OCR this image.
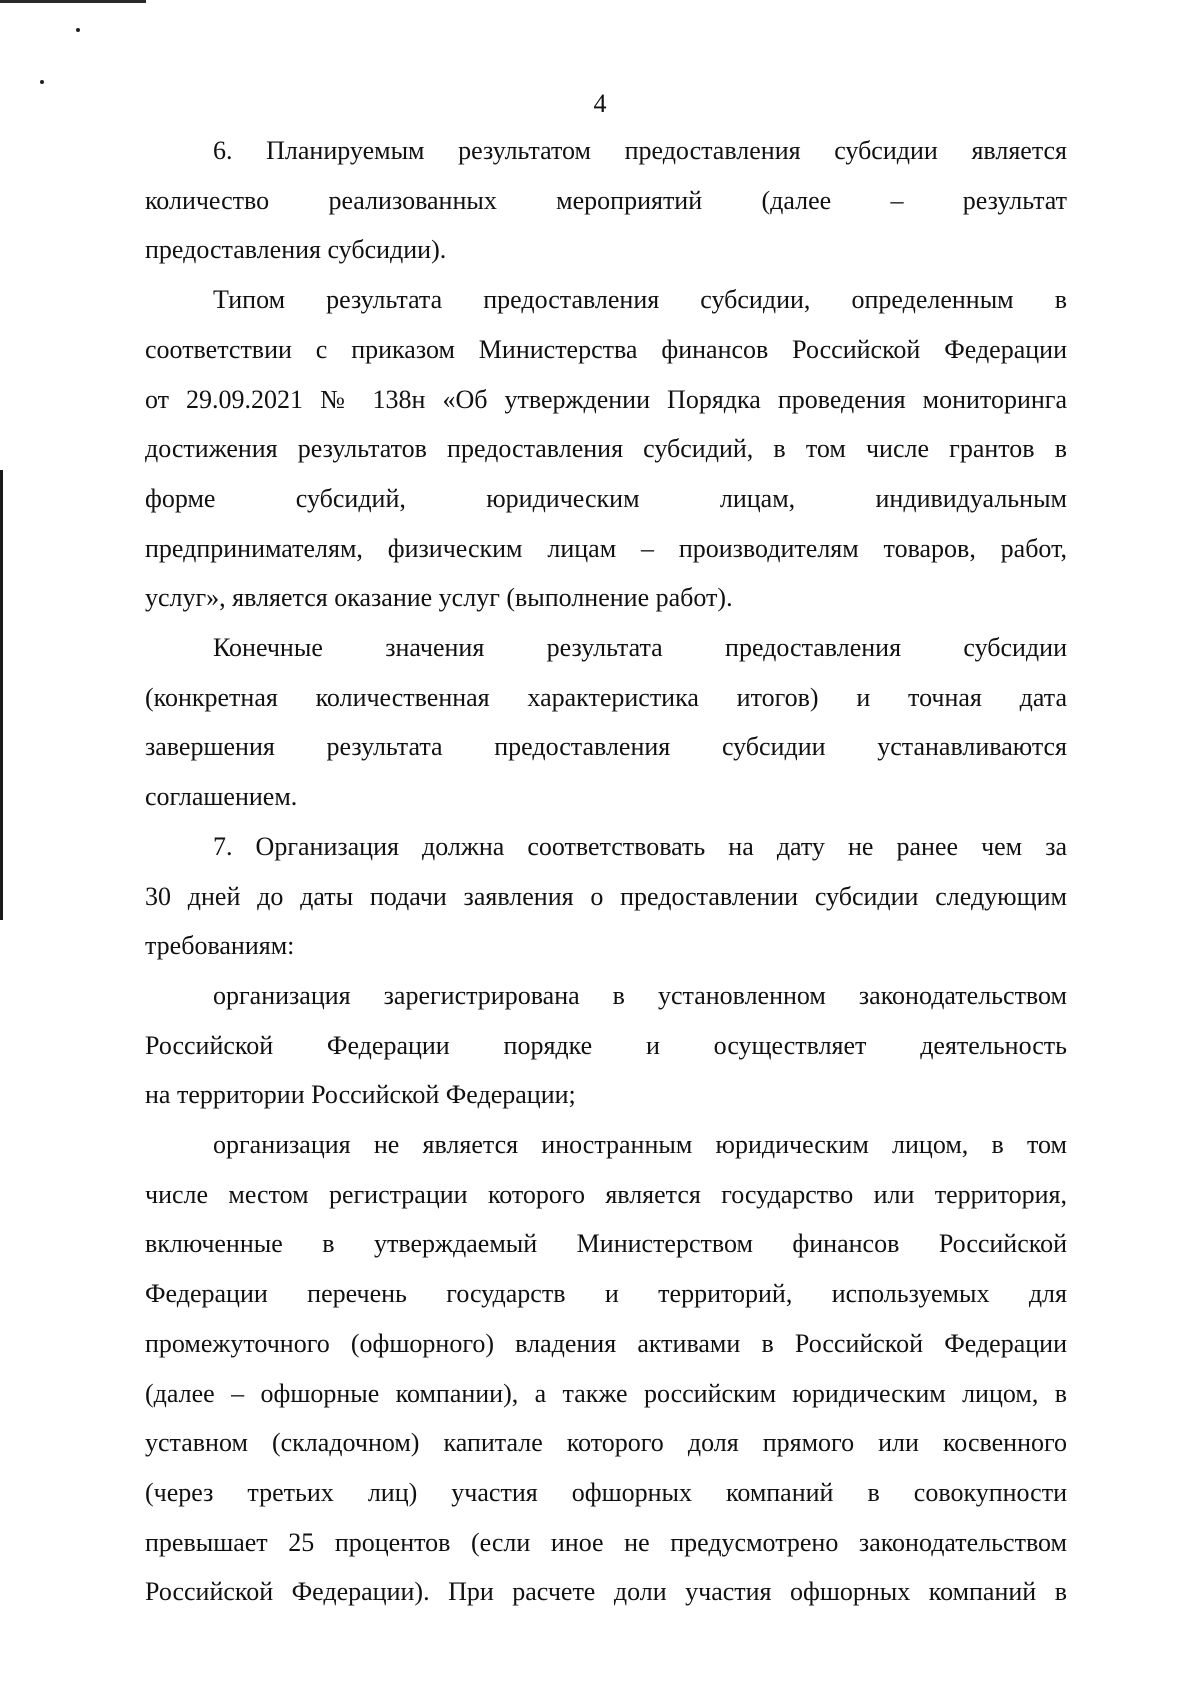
4

6. Планируемым результатом предоставления субсидии является
количество реализованных мероприятий (далее – результат
предоставления субсидии).

Типом результата предоставления субсидии, определенным в
соответствии с приказом Министерства финансов Российской Федерации
от 29.09.2021 № 138н «Об утверждении Порядка проведения мониторинга
достижения результатов предоставления субсидий, в том числе грантов в
форме субсидий, юридическим лицам, индивидуальным
предпринимателям, физическим лицам – производителям товаров, работ,
услуг», является оказание услуг (выполнение работ).

Конечные значения результата предоставления субсидии
(конкретная количественная характеристика итогов) и точная дата
завершения результата предоставления субсидии устанавливаются
соглашением.

7. Организация должна соответствовать на дату не ранее чем за
30 дней до даты подачи заявления о предоставлении субсидии следующим
требованиям:

организация зарегистрирована в установленном законодательством
Российской Федерации порядке и осуществляет деятельность
на территории Российской Федерации;

организация не является иностранным юридическим лицом, в том
числе местом регистрации которого является государство или территория,
включенные в утверждаемый Министерством финансов Российской
Федерации перечень государств и территорий, используемых для
промежуточного (офшорного) владения активами в Российской Федерации
(далее – офшорные компании), а также российским юридическим лицом, в
уставном (складочном) капитале которого доля прямого или косвенного
(через третьих лиц) участия офшорных компаний в совокупности
превышает 25 процентов (если иное не предусмотрено законодательством
Российской Федерации). При расчете доли участия офшорных компаний в
